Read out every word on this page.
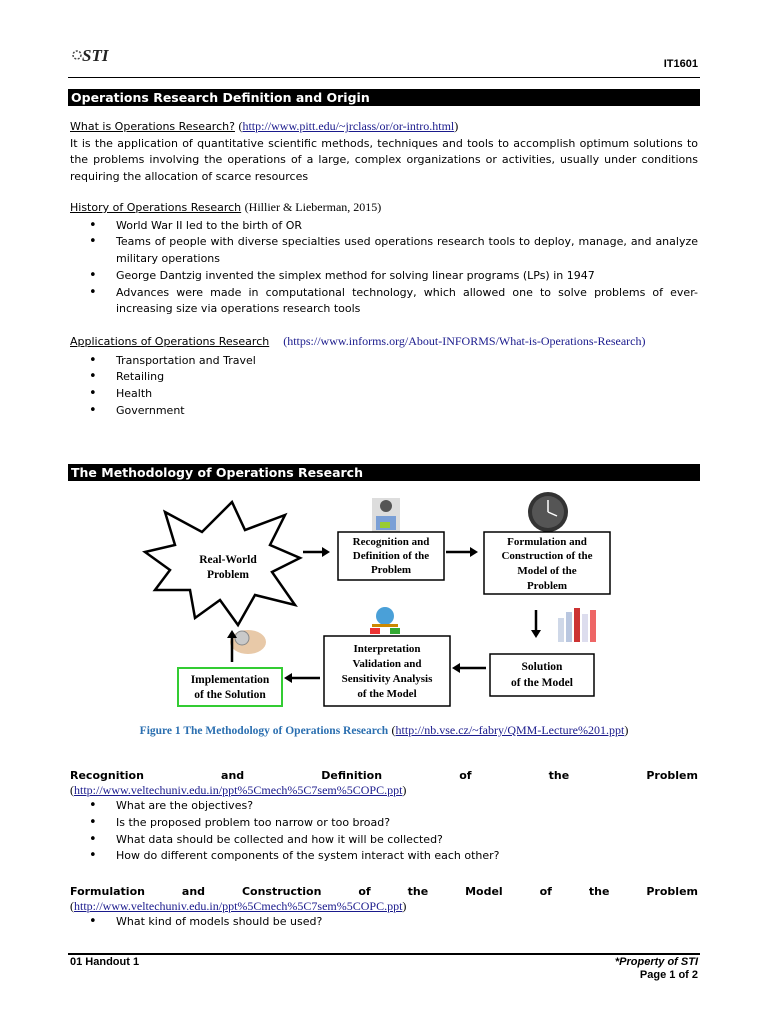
STI	IT1601
Operations Research Definition and Origin
What is Operations Research? (http://www.pitt.edu/~jrclass/or/or-intro.html)
It is the application of quantitative scientific methods, techniques and tools to accomplish optimum solutions to the problems involving the operations of a large, complex organizations or activities, usually under conditions requiring the allocation of scarce resources
History of Operations Research (Hillier & Lieberman, 2015)
• World War II led to the birth of OR
• Teams of people with diverse specialties used operations research tools to deploy, manage, and analyze military operations
• George Dantzig invented the simplex method for solving linear programs (LPs) in 1947
• Advances were made in computational technology, which allowed one to solve problems of ever-increasing size via operations research tools
Applications of Operations Research (https://www.informs.org/About-INFORMS/What-is-Operations-Research)
• Transportation and Travel
• Retailing
• Health
• Government
The Methodology of Operations Research
Real-World
Problem
Recognition and
Definition of the
Problem
Formulation and
Construction of the
Model of the
Problem
Solution
of the Model
Interpretation
Validation and
Sensitivity Analysis
of the Model
Implementation
of the Solution
Figure 1 The Methodology of Operations Research (http://nb.vse.cz/~fabry/QMM-Lecture%201.ppt)
Recognition	and	Definition	of	the	Problem
(http://www.veltechuniv.edu.in/ppt%5Cmech%5C7sem%5COPC.ppt)
• What are the objectives?
• Is the proposed problem too narrow or too broad?
• What data should be collected and how it will be collected?
• How do different components of the system interact with each other?
Formulation	and	Construction	of	the	Model	of	the	Problem
(http://www.veltechuniv.edu.in/ppt%5Cmech%5C7sem%5COPC.ppt)
• What kind of models should be used?
01 Handout 1	*Property of STI
Page 1 of 2
